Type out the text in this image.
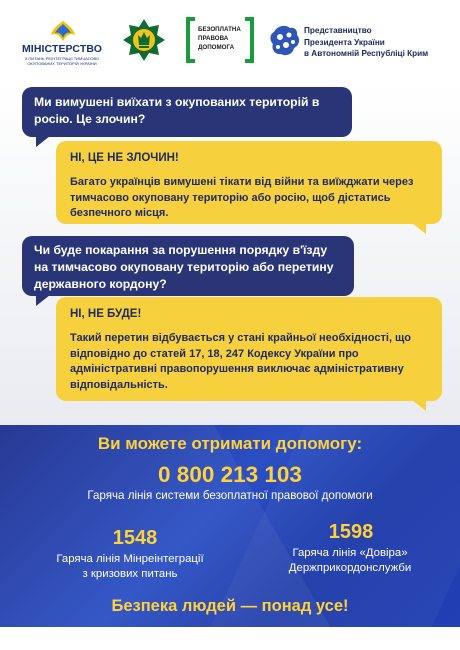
МІНІСТЕРСТВО
З ПИТАНЬ РЕІНТЕГРАЦІЇ ТИМЧАСОВО ОКУПОВАНИХ ТЕРИТОРІЙ УКРАЇНИ
БЕЗОПЛАТНА
ПРАВОВА
ДОПОМОГА
Представництво
Президента України
в Автономній Республіці Крим
Ми вимушені виїхати з окупованих територій в росію. Це злочин?
НІ, ЦЕ НЕ ЗЛОЧИН!
Багато українців вимушені тікати від війни та виїжджати через тимчасово окуповану територію або росію, щоб дістатись безпечного місця.
Чи буде покарання за порушення порядку в'їзду на тимчасово окуповану територію або перетину державного кордону?
НІ, НЕ БУДЕ!
Такий перетин відбувається у стані крайньої необхідності, що відповідно до статей 17, 18, 247 Кодексу України про адміністративні правопорушення виключає адміністративну відповідальність.
Ви можете отримати допомогу:
0 800 213 103
Гаряча лінія системи безоплатної правової допомоги
1548
Гаряча лінія Мінреінтеграції
з кризових питань
1598
Гаряча лінія «Довіра»
Держприкордонслужби
Безпека людей — понад усе!
